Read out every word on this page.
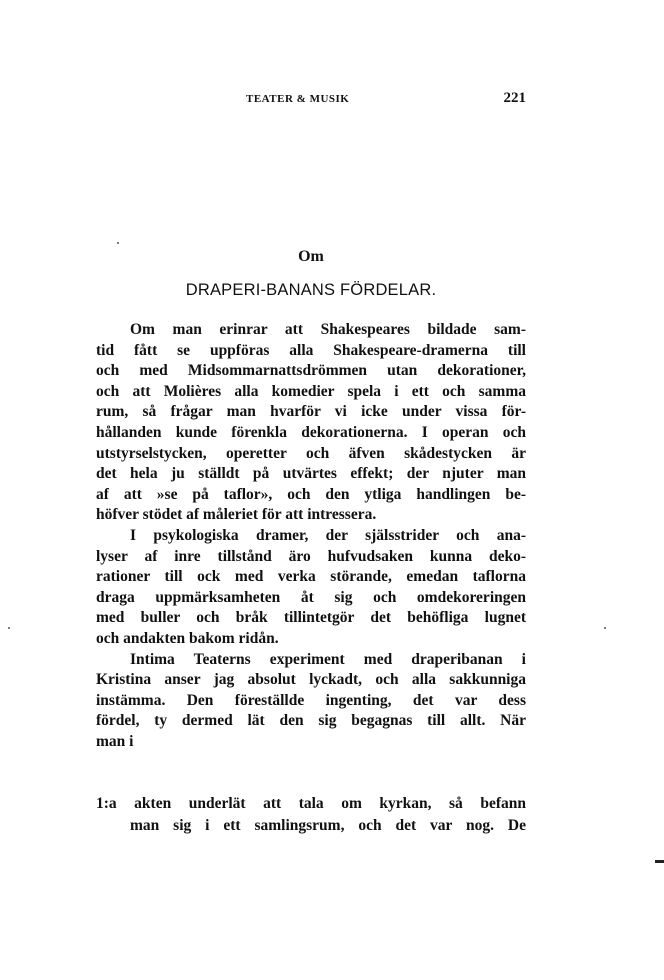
TEATER & MUSIK	221
Om
DRAPERI-BANANS FÖRDELAR.
Om man erinrar att Shakespeares bildade sam-
tid fått se uppföras alla Shakespeare-dramerna till
och med Midsommarnattsdrömmen utan dekorationer,
och att Molières alla komedier spela i ett och samma
rum, så frågar man hvarför vi icke under vissa för-
hållanden kunde förenkla dekorationerna. I operan och
utstyrselstycken, operetter och äfven skådestycken är
det hela ju ställdt på utvärtes effekt; der njuter man
af att »se på taflor», och den ytliga handlingen be-
höfver stödet af måleriet för att intressera.
I psykologiska dramer, der själsstrider och ana-
lyser af inre tillstånd äro hufvudsaken kunna deko-
rationer till ock med verka störande, emedan taflorna
draga uppmärksamheten åt sig och omdekoreringen
med buller och bråk tillintetgör det behöfliga lugnet
och andakten bakom ridån.
Intima Teaterns experiment med draperibanan i
Kristina anser jag absolut lyckadt, och alla sakkunniga
instämma. Den föreställde ingenting, det var dess
fördel, ty dermed lät den sig begagnas till allt. När
man i
1:a akten underlät att tala om kyrkan, så befann
man sig i ett samlingsrum, och det var nog. De
